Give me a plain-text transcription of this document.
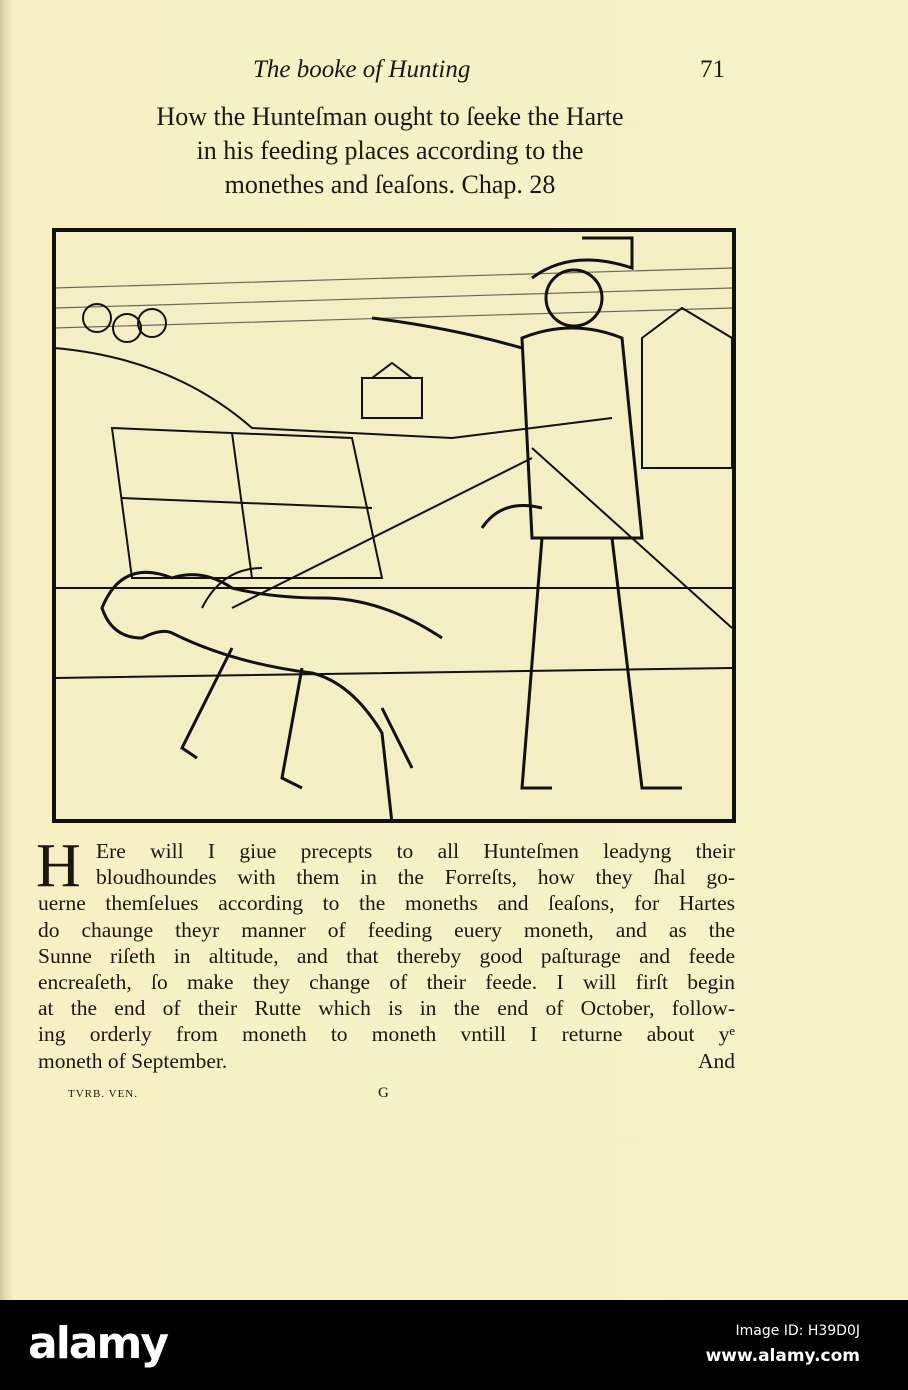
The booke of Hunting	71
How the Hunteſman ought to ſeeke the Harte
in his feeding places according to the
monethes and ſeaſons. Chap. 28
H Ere will I giue precepts to all Hunteſmen leadyng their
bloudhoundes with them in the Forreſts, how they ſhal go-
uerne themſelues according to the moneths and ſeaſons, for Hartes
do chaunge theyr manner of feeding euery moneth, and as the
Sunne riſeth in altitude, and that thereby good paſturage and feede
encreaſeth, ſo make they change of their feede. I will firſt begin
at the end of their Rutte which is in the end of October, follow-
ing orderly from moneth to moneth vntill I returne about yᵉ
moneth of September.	And
TVRB. VEN.	G
alamy	Image ID: H39D0J
www.alamy.com
